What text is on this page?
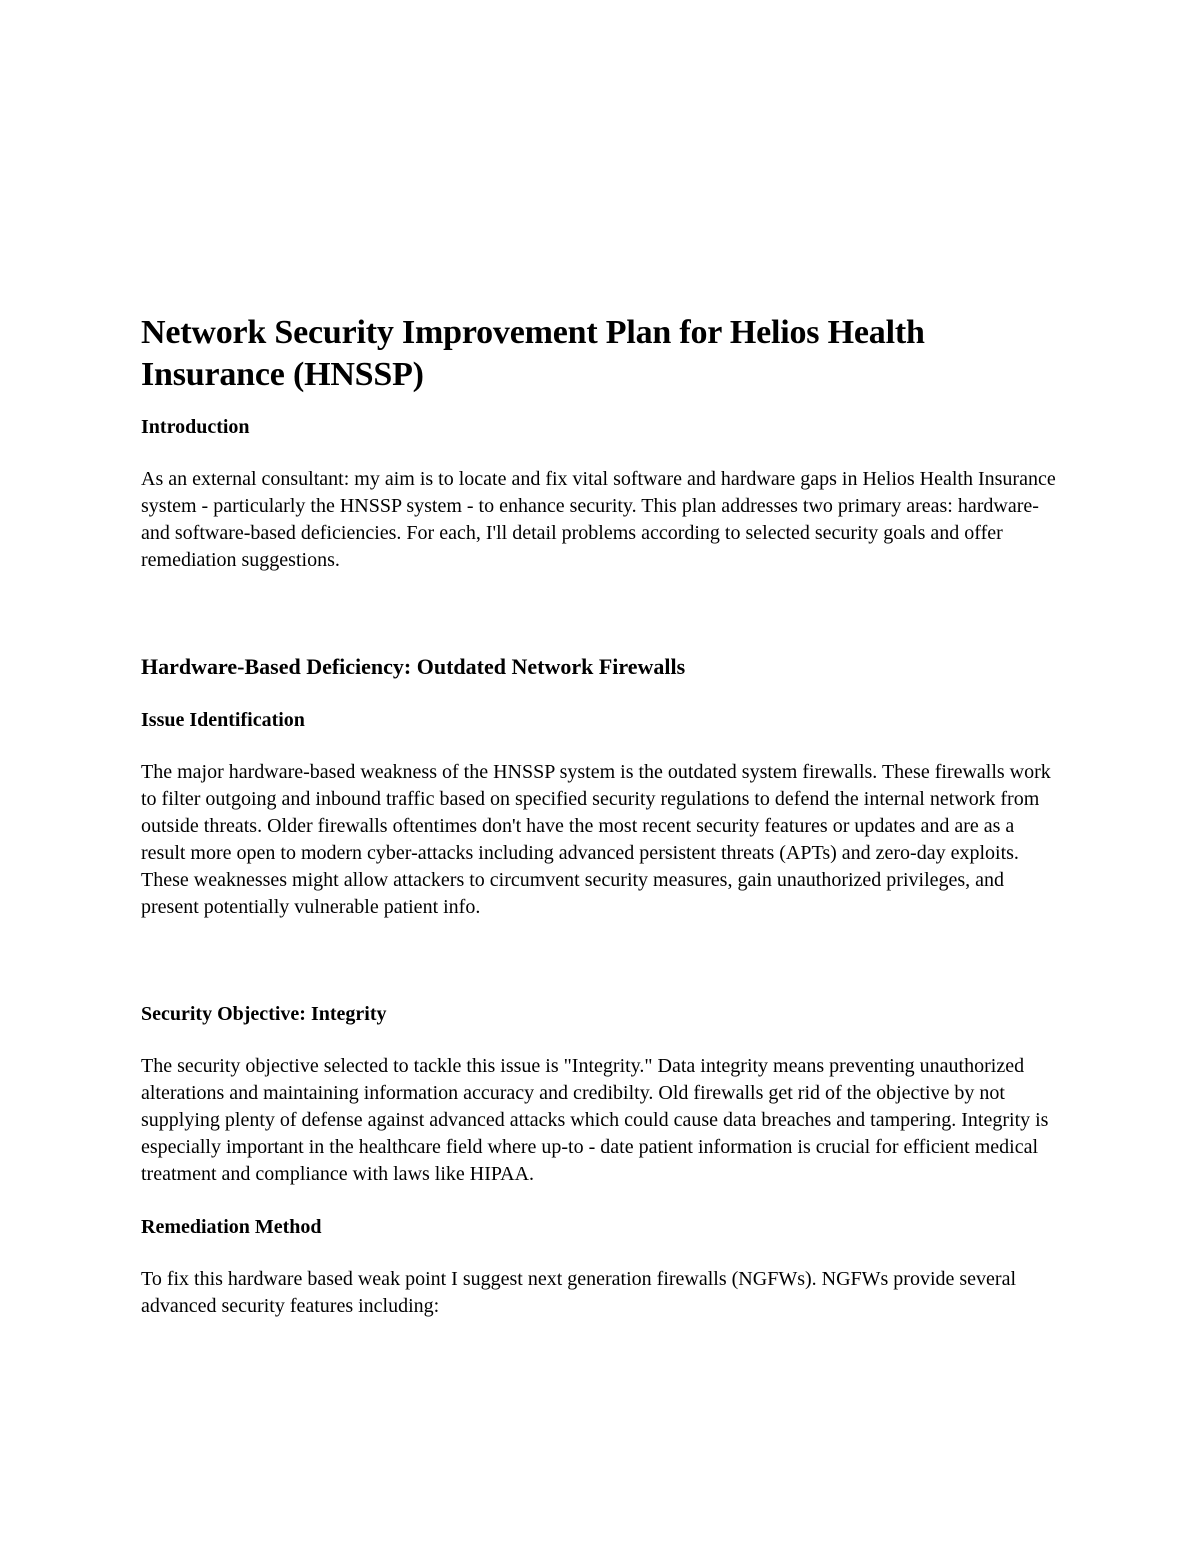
Network Security Improvement Plan for Helios Health Insurance (HNSSP)
Introduction

As an external consultant: my aim is to locate and fix vital software and hardware gaps in Helios Health Insurance system - particularly the HNSSP system - to enhance security. This plan addresses two primary areas: hardware-and software-based deficiencies. For each, I'll detail problems according to selected security goals and offer remediation suggestions.

Hardware-Based Deficiency: Outdated Network Firewalls
Issue Identification

The major hardware-based weakness of the HNSSP system is the outdated system firewalls. These firewalls work to filter outgoing and inbound traffic based on specified security regulations to defend the internal network from outside threats. Older firewalls oftentimes don't have the most recent security features or updates and are as a result more open to modern cyber-attacks including advanced persistent threats (APTs) and zero-day exploits. These weaknesses might allow attackers to circumvent security measures, gain unauthorized privileges, and present potentially vulnerable patient info.

Security Objective: Integrity

The security objective selected to tackle this issue is "Integrity." Data integrity means preventing unauthorized alterations and maintaining information accuracy and credibilty. Old firewalls get rid of the objective by not supplying plenty of defense against advanced attacks which could cause data breaches and tampering. Integrity is especially important in the healthcare field where up-to - date patient information is crucial for efficient medical treatment and compliance with laws like HIPAA.

Remediation Method

To fix this hardware based weak point I suggest next generation firewalls (NGFWs). NGFWs provide several advanced security features including:
